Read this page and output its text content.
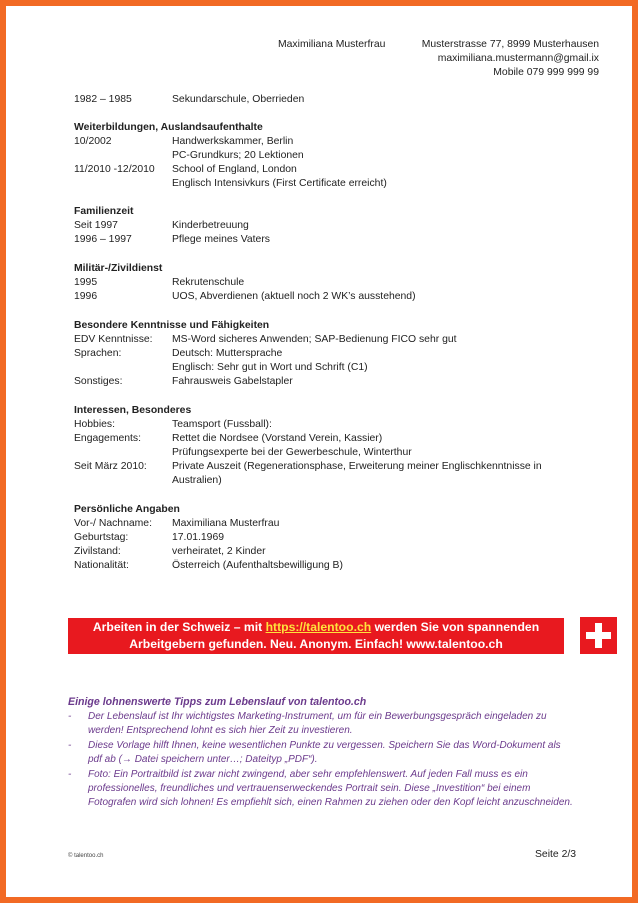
Maximiliana Musterfrau	Musterstrasse 77, 8999 Musterhausen
maximiliana.mustermann@gmail.ix
Mobile 079 999 999 99
1982 – 1985	Sekundarschule, Oberrieden
Weiterbildungen, Auslandsaufenthalte
10/2002	Handwerkskammer, Berlin
PC-Grundkurs; 20 Lektionen
11/2010 -12/2010 School of England, London
Englisch Intensivkurs (First Certificate erreicht)
Familienzeit
Seit 1997	Kinderbetreuung
1996 – 1997	Pflege meines Vaters
Militär-/Zivildienst
1995	Rekrutenschule
1996	UOS, Abverdienen (aktuell noch 2 WK’s ausstehend)
Besondere Kenntnisse und Fähigkeiten
EDV Kenntnisse: MS-Word sicheres Anwenden; SAP-Bedienung FICO sehr gut
Sprachen:	Deutsch: Muttersprache
Englisch: Sehr gut in Wort und Schrift (C1)
Sonstiges:	Fahrausweis Gabelstapler
Interessen, Besonderes
Hobbies:	Teamsport (Fussball):
Engagements:	Rettet die Nordsee (Vorstand Verein, Kassier)
Prüfungsexperte bei der Gewerbeschule, Winterthur
Seit März 2010: Private Auszeit (Regenerationsphase, Erweiterung meiner Englischkenntnisse in
Australien)
Persönliche Angaben
Vor-/ Nachname: Maximiliana Musterfrau
Geburtstag:	17.01.1969
Zivilstand:	verheiratet, 2 Kinder
Nationalität:	Österreich (Aufenthaltsbewilligung B)
Arbeiten in der Schweiz – mit https://talentoo.ch werden Sie von spannenden
Arbeitgebern gefunden. Neu. Anonym. Einfach! www.talentoo.ch
Einige lohnenswerte Tipps zum Lebenslauf von talentoo.ch
- Der Lebenslauf ist Ihr wichtigstes Marketing-Instrument, um für ein Bewerbungsgespräch eingeladen zu werden! Entsprechend lohnt es sich hier Zeit zu investieren.
- Diese Vorlage hilft Ihnen, keine wesentlichen Punkte zu vergessen. Speichern Sie das Word-Dokument als pdf ab (→ Datei speichern unter…; Dateityp „PDF“).
- Foto: Ein Portraitbild ist zwar nicht zwingend, aber sehr empfehlenswert. Auf jeden Fall muss es ein professionelles, freundliches und vertrauenserweckendes Portrait sein. Diese „Investition“ bei einem Fotografen wird sich lohnen! Es empfiehlt sich, einen Rahmen zu ziehen oder den Kopf leicht anzuschneiden.
© talentoo.ch	Seite 2/3
